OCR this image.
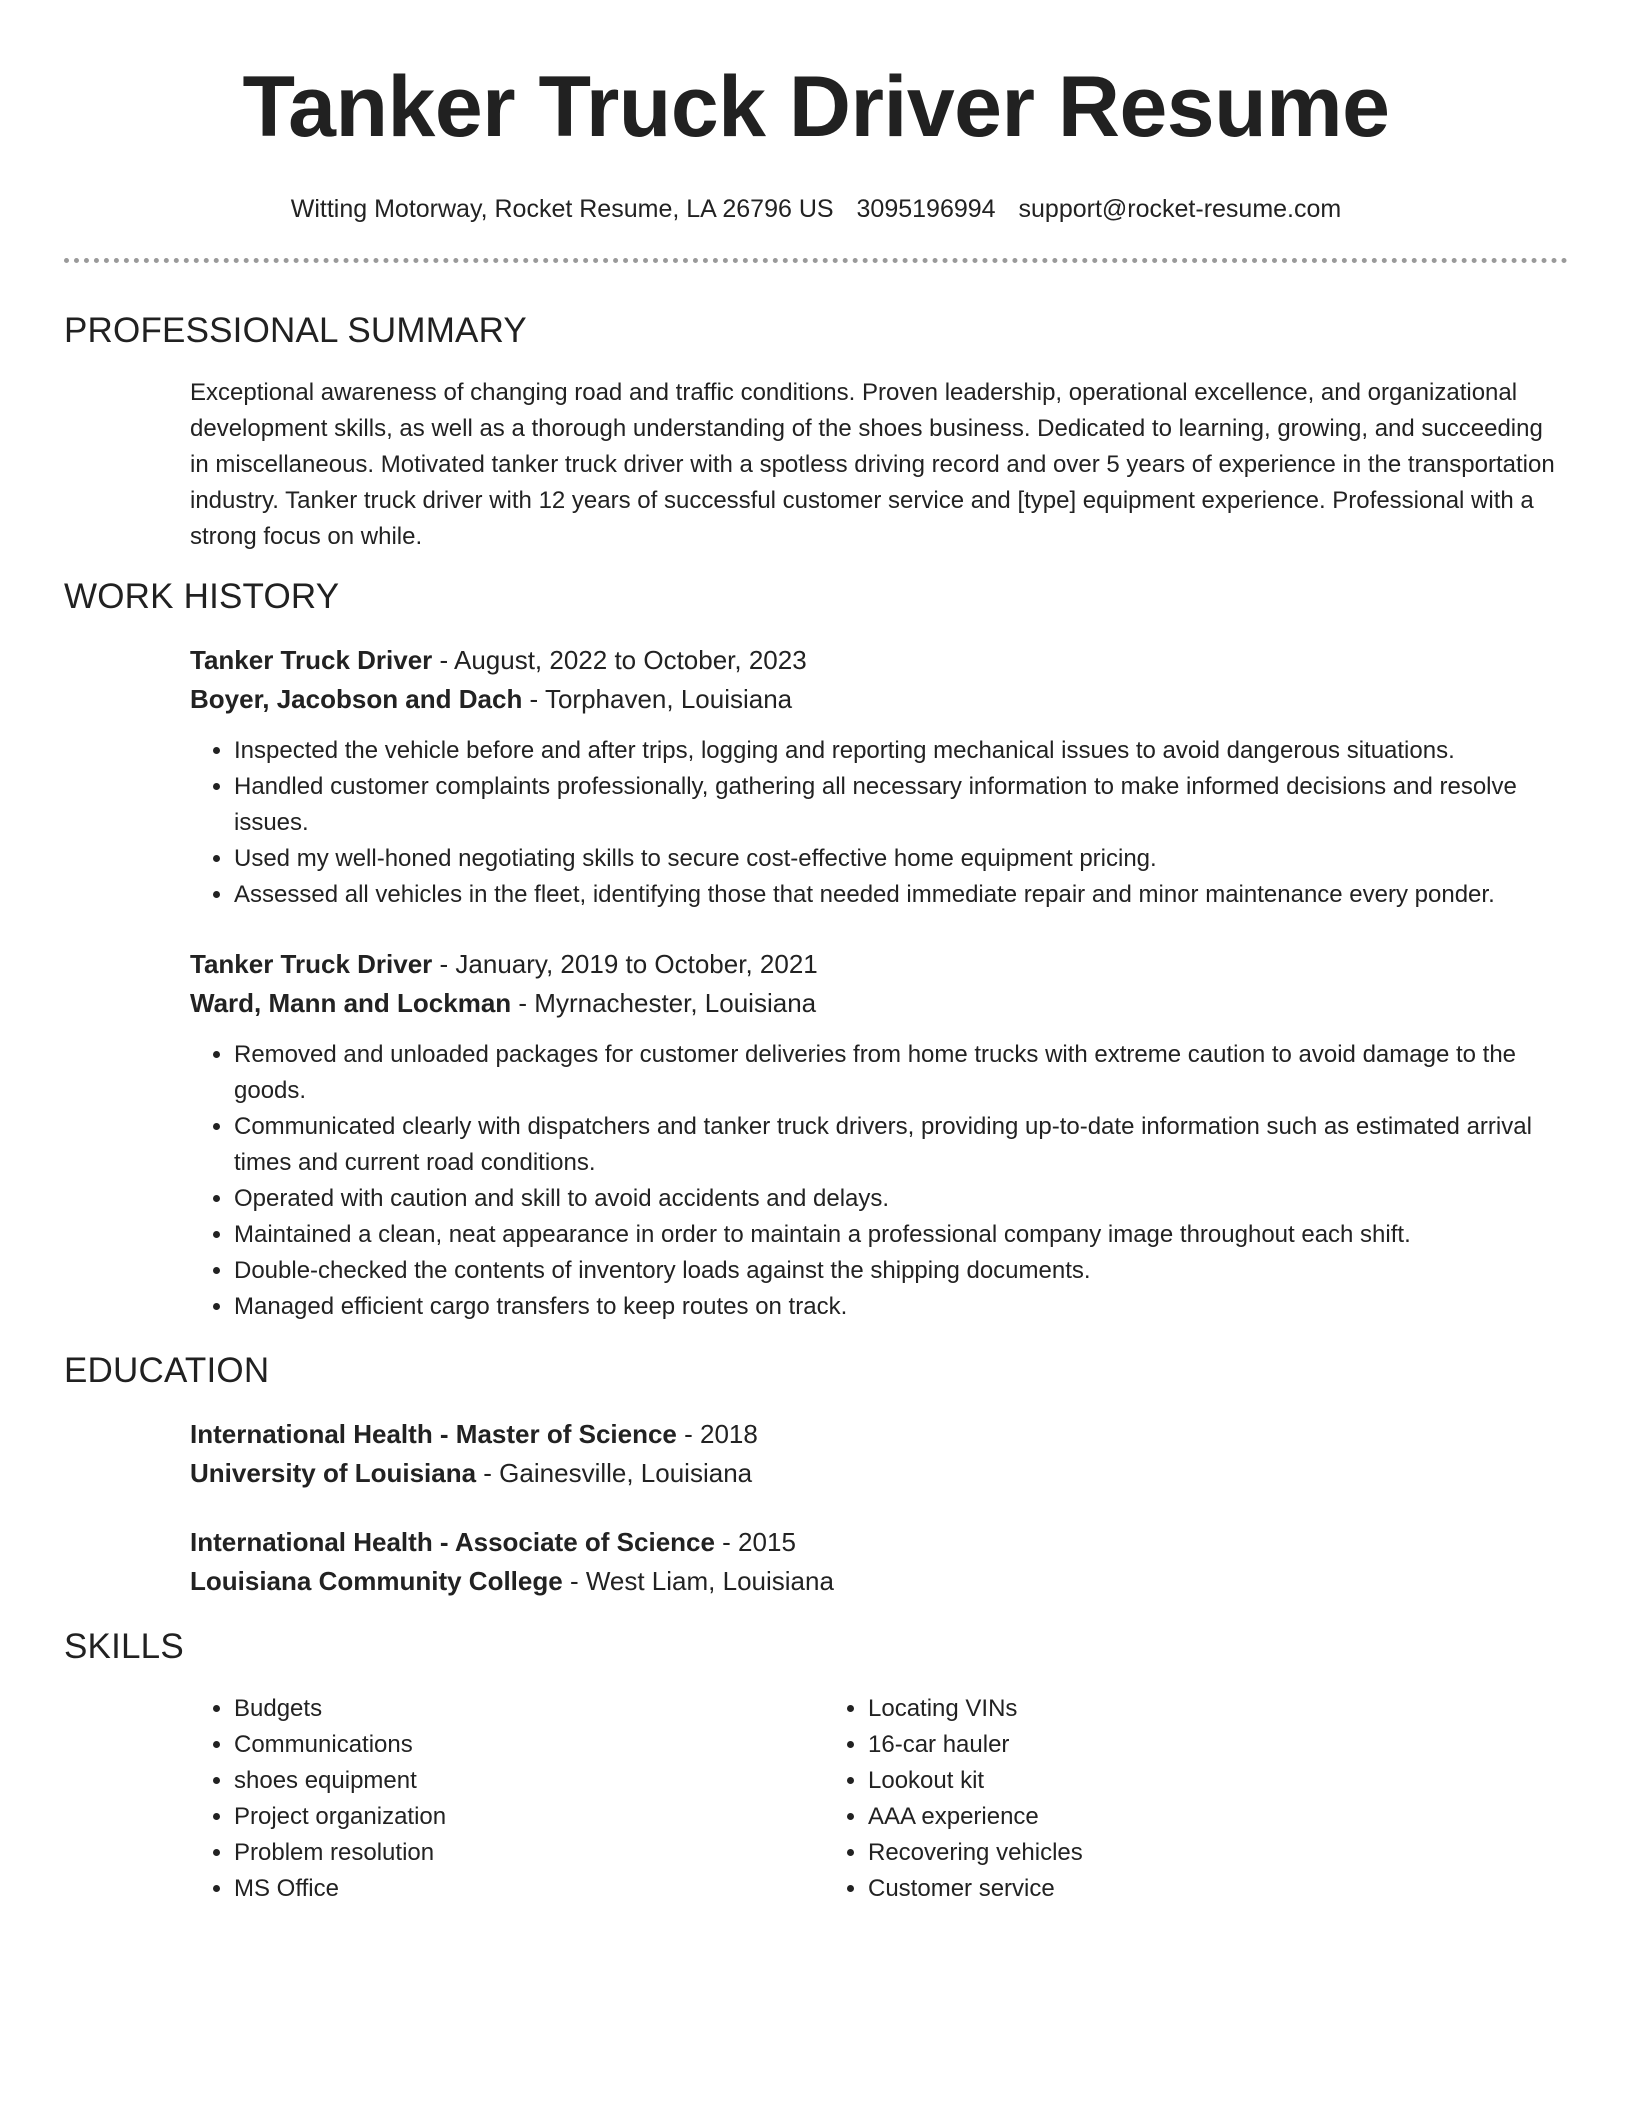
Tanker Truck Driver Resume
Witting Motorway, Rocket Resume, LA 26796 US 3095196994 support@rocket-resume.com
PROFESSIONAL SUMMARY
Exceptional awareness of changing road and traffic conditions. Proven leadership, operational excellence, and organizational development skills, as well as a thorough understanding of the shoes business. Dedicated to learning, growing, and succeeding in miscellaneous. Motivated tanker truck driver with a spotless driving record and over 5 years of experience in the transportation industry. Tanker truck driver with 12 years of successful customer service and [type] equipment experience. Professional with a strong focus on while.
WORK HISTORY
Tanker Truck Driver - August, 2022 to October, 2023
Boyer, Jacobson and Dach - Torphaven, Louisiana
• Inspected the vehicle before and after trips, logging and reporting mechanical issues to avoid dangerous situations.
• Handled customer complaints professionally, gathering all necessary information to make informed decisions and resolve issues.
• Used my well-honed negotiating skills to secure cost-effective home equipment pricing.
• Assessed all vehicles in the fleet, identifying those that needed immediate repair and minor maintenance every ponder.
Tanker Truck Driver - January, 2019 to October, 2021
Ward, Mann and Lockman - Myrnachester, Louisiana
• Removed and unloaded packages for customer deliveries from home trucks with extreme caution to avoid damage to the goods.
• Communicated clearly with dispatchers and tanker truck drivers, providing up-to-date information such as estimated arrival times and current road conditions.
• Operated with caution and skill to avoid accidents and delays.
• Maintained a clean, neat appearance in order to maintain a professional company image throughout each shift.
• Double-checked the contents of inventory loads against the shipping documents.
• Managed efficient cargo transfers to keep routes on track.
EDUCATION
International Health - Master of Science - 2018
University of Louisiana - Gainesville, Louisiana
International Health - Associate of Science - 2015
Louisiana Community College - West Liam, Louisiana
SKILLS
• Budgets
• Communications
• shoes equipment
• Project organization
• Problem resolution
• MS Office
• Locating VINs
• 16-car hauler
• Lookout kit
• AAA experience
• Recovering vehicles
• Customer service
